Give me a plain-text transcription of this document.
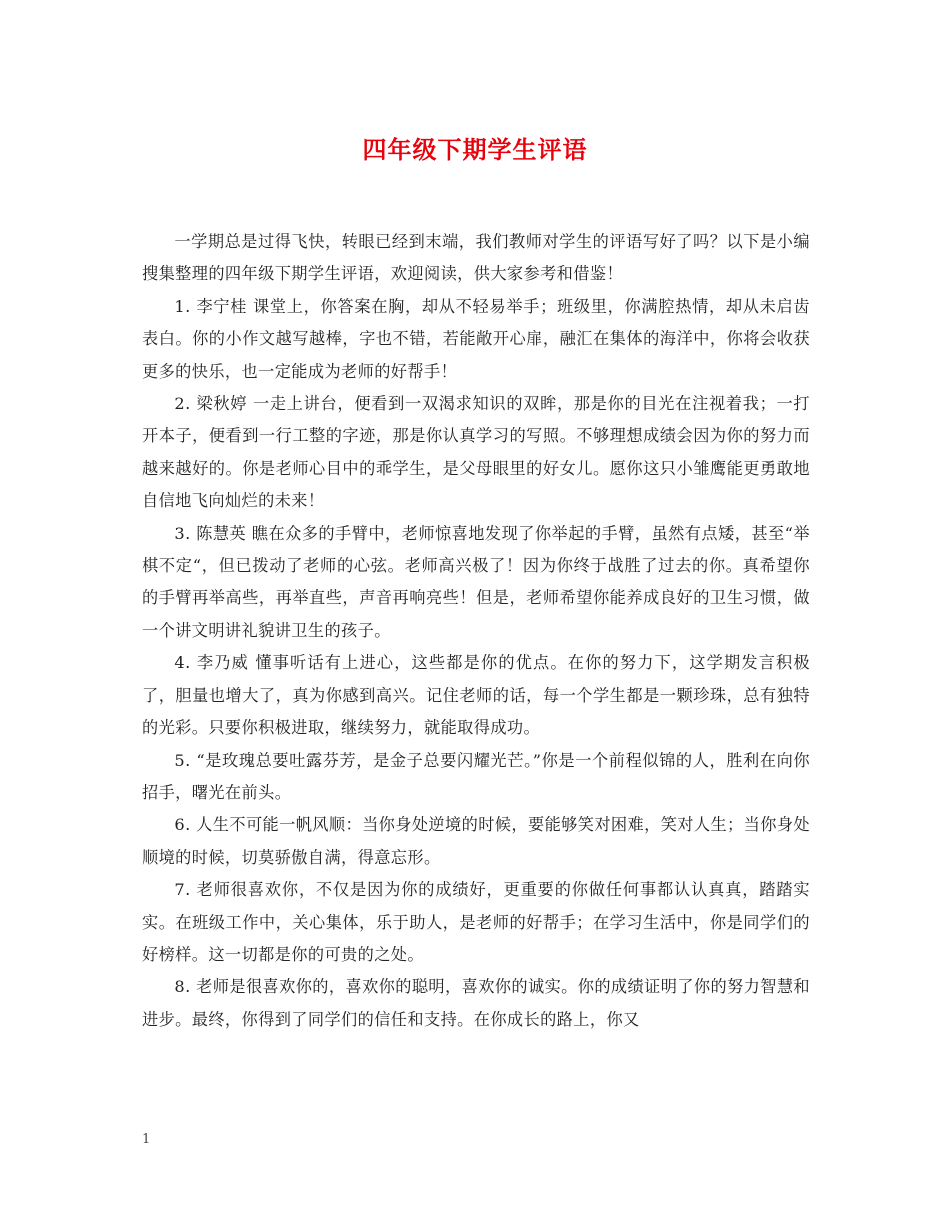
四年级下期学生评语

一学期总是过得飞快，转眼已经到末端，我们教师对学生的评语写好了吗？以下是小编搜集整理的四年级下期学生评语，欢迎阅读，供大家参考和借鉴！

1. 李宁桂 课堂上，你答案在胸，却从不轻易举手；班级里，你满腔热情，却从未启齿表白。你的小作文越写越棒，字也不错，若能敞开心扉，融汇在集体的海洋中，你将会收获更多的快乐，也一定能成为老师的好帮手！

2. 梁秋婷 一走上讲台，便看到一双渴求知识的双眸，那是你的目光在注视着我；一打开本子，便看到一行工整的字迹，那是你认真学习的写照。不够理想成绩会因为你的努力而越来越好的。你是老师心目中的乖学生，是父母眼里的好女儿。愿你这只小雏鹰能更勇敢地自信地飞向灿烂的未来！

3. 陈慧英 瞧在众多的手臂中，老师惊喜地发现了你举起的手臂，虽然有点矮，甚至“举棋不定“，但已拨动了老师的心弦。老师高兴极了！因为你终于战胜了过去的你。真希望你的手臂再举高些，再举直些，声音再响亮些！但是，老师希望你能养成良好的卫生习惯，做一个讲文明讲礼貌讲卫生的孩子。

4. 李乃威 懂事听话有上进心，这些都是你的优点。在你的努力下，这学期发言积极了，胆量也增大了，真为你感到高兴。记住老师的话，每一个学生都是一颗珍珠，总有独特的光彩。只要你积极进取，继续努力，就能取得成功。

5. “是玫瑰总要吐露芬芳，是金子总要闪耀光芒。”你是一个前程似锦的人，胜利在向你招手，曙光在前头。

6. 人生不可能一帆风顺：当你身处逆境的时候，要能够笑对困难，笑对人生；当你身处顺境的时候，切莫骄傲自满，得意忘形。

7. 老师很喜欢你，不仅是因为你的成绩好，更重要的你做任何事都认认真真，踏踏实实。在班级工作中，关心集体，乐于助人，是老师的好帮手；在学习生活中，你是同学们的好榜样。这一切都是你的可贵的之处。

8. 老师是很喜欢你的，喜欢你的聪明，喜欢你的诚实。你的成绩证明了你的努力智慧和进步。最终，你得到了同学们的信任和支持。在你成长的路上，你又

1
